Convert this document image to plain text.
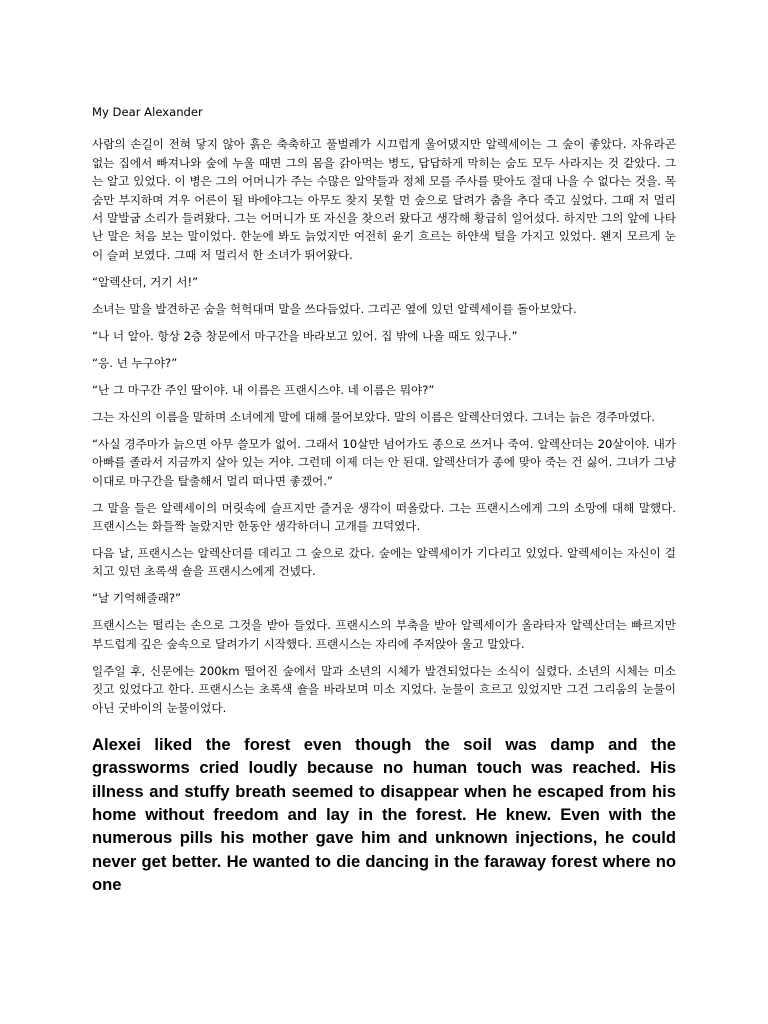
My Dear Alexander

사람의 손길이 전혀 닿지 않아 흙은 축축하고 풀벌레가 시끄럽게 울어댔지만 알렉세이는 그 숲이 좋았다. 자유라곤 없는 집에서 빠져나와 숲에 누울 때면 그의 몸을 갉아먹는 병도, 답답하게 막히는 숨도 모두 사라지는 것 같았다. 그는 알고 있었다. 이 병은 그의 어머니가 주는 수많은 알약들과 정체 모를 주사를 맞아도 절대 나을 수 없다는 것을. 목숨만 부지하며 겨우 어른이 될 바에야그는 아무도 찾지 못할 먼 숲으로 달려가 춤을 추다 죽고 싶었다. 그때 저 멀리서 말발굽 소리가 들려왔다. 그는 어머니가 또 자신을 찾으러 왔다고 생각해 황급히 일어섰다. 하지만 그의 앞에 나타난 말은 처음 보는 말이었다. 한눈에 봐도 늙었지만 여전히 윤기 흐르는 하얀색 털을 가지고 있었다. 왠지 모르게 눈이 슬퍼 보였다. 그때 저 멀리서 한 소녀가 뛰어왔다.

“알렉산더, 거기 서!”

소녀는 말을 발견하곤 숨을 헉헉대며 말을 쓰다듬었다. 그리곤 옆에 있던 알렉세이를 돌아보았다.

“나 너 알아. 항상 2층 창문에서 마구간을 바라보고 있어. 집 밖에 나올 때도 있구나.”

“응. 넌 누구야?”

“난 그 마구간 주인 딸이야. 내 이름은 프랜시스야. 네 이름은 뭐야?”

그는 자신의 이름을 말하며 소녀에게 말에 대해 물어보았다. 말의 이름은 알렉산더였다. 그녀는 늙은 경주마였다.

“사실 경주마가 늙으면 아무 쓸모가 없어. 그래서 10살만 넘어가도 종으로 쓰거나 죽여. 알렉산더는 20살이야. 내가 아빠를 졸라서 지금까지 살아 있는 거야. 그런데 이제 더는 안 된대. 알렉산더가 종에 맞아 죽는 건 싫어. 그녀가 그냥 이대로 마구간을 탈출해서 멀리 떠나면 좋겠어.”

그 말을 들은 알렉세이의 머릿속에 슬프지만 즐거운 생각이 떠올랐다. 그는 프랜시스에게 그의 소망에 대해 말했다. 프랜시스는 화들짝 놀랐지만 한동안 생각하더니 고개를 끄덕였다.

다음 날, 프랜시스는 알렉산더를 데리고 그 숲으로 갔다. 숲에는 알렉세이가 기다리고 있었다. 알렉세이는 자신이 걸치고 있던 초록색 숄을 프랜시스에게 건넸다.

“날 기억해줄래?”

프랜시스는 떨리는 손으로 그것을 받아 들었다. 프랜시스의 부축을 받아 알렉세이가 올라타자 알렉산더는 빠르지만 부드럽게 깊은 숲속으로 달려가기 시작했다. 프랜시스는 자리에 주저앉아 울고 말았다.

일주일 후, 신문에는 200km 떨어진 숲에서 말과 소년의 시체가 발견되었다는 소식이 실렸다. 소년의 시체는 미소 짓고 있었다고 한다. 프랜시스는 초록색 숄을 바라보며 미소 지었다. 눈물이 흐르고 있었지만 그건 그리움의 눈물이 아닌 굿바이의 눈물이었다.

Alexei liked the forest even though the soil was damp and the grassworms cried loudly because no human touch was reached. His illness and stuffy breath seemed to disappear when he escaped from his home without freedom and lay in the forest. He knew. Even with the numerous pills his mother gave him and unknown injections, he could never get better. He wanted to die dancing in the faraway forest where no one
